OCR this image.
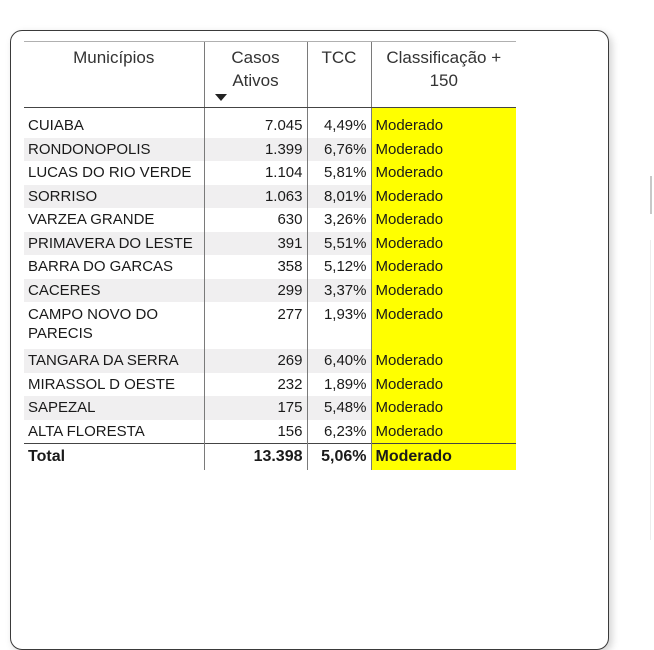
Municípios	Casos Ativos	TCC	Classificação + 150

CUIABA	7.045	4,49%	Moderado
RONDONOPOLIS	1.399	6,76%	Moderado
LUCAS DO RIO VERDE	1.104	5,81%	Moderado
SORRISO	1.063	8,01%	Moderado
VARZEA GRANDE	630	3,26%	Moderado
PRIMAVERA DO LESTE	391	5,51%	Moderado
BARRA DO GARCAS	358	5,12%	Moderado
CACERES	299	3,37%	Moderado
CAMPO NOVO DO PARECIS	277	1,93%	Moderado
TANGARA DA SERRA	269	6,40%	Moderado
MIRASSOL D OESTE	232	1,89%	Moderado
SAPEZAL	175	5,48%	Moderado
ALTA FLORESTA	156	6,23%	Moderado
Total	13.398	5,06%	Moderado
